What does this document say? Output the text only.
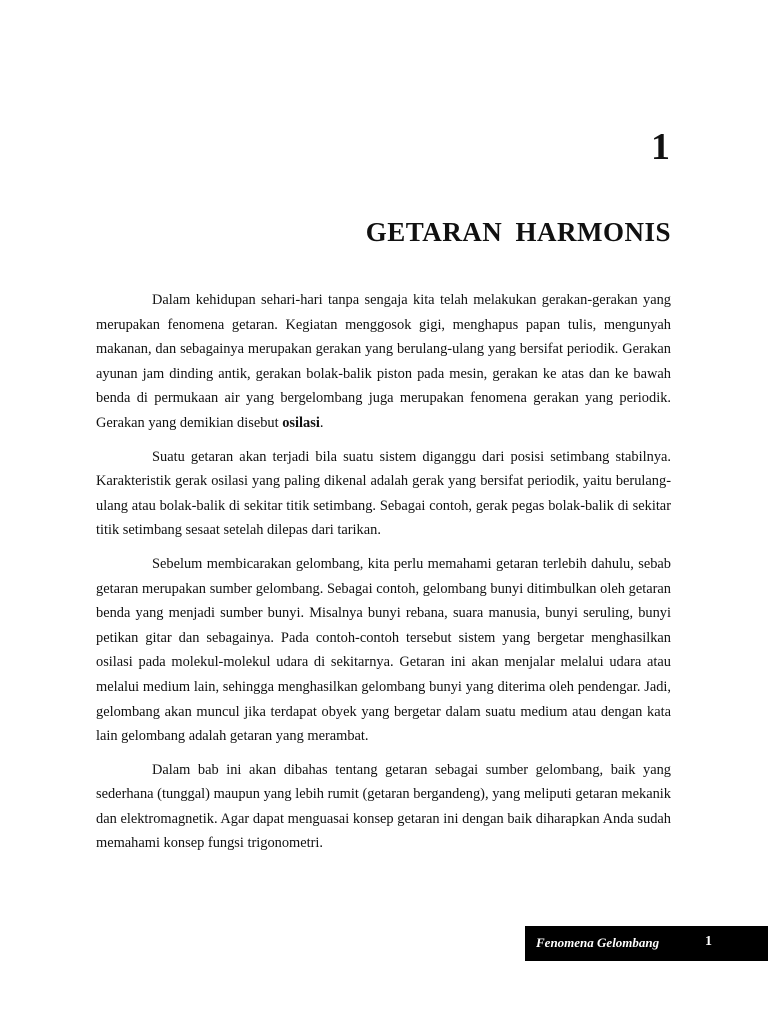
1
GETARAN HARMONIS

Dalam kehidupan sehari-hari tanpa sengaja kita telah melakukan gerakan-gerakan yang merupakan fenomena getaran. Kegiatan menggosok gigi, menghapus papan tulis, mengunyah makanan, dan sebagainya merupakan gerakan yang berulang-ulang yang bersifat periodik. Gerakan ayunan jam dinding antik, gerakan bolak-balik piston pada mesin, gerakan ke atas dan ke bawah benda di permukaan air yang bergelombang juga merupakan fenomena gerakan yang periodik. Gerakan yang demikian disebut osilasi.

Suatu getaran akan terjadi bila suatu sistem diganggu dari posisi setimbang stabilnya. Karakteristik gerak osilasi yang paling dikenal adalah gerak yang bersifat periodik, yaitu berulang-ulang atau bolak-balik di sekitar titik setimbang. Sebagai contoh, gerak pegas bolak-balik di sekitar titik setimbang sesaat setelah dilepas dari tarikan.

Sebelum membicarakan gelombang, kita perlu memahami getaran terlebih dahulu, sebab getaran merupakan sumber gelombang. Sebagai contoh, gelombang bunyi ditimbulkan oleh getaran benda yang menjadi sumber bunyi. Misalnya bunyi rebana, suara manusia, bunyi seruling, bunyi petikan gitar dan sebagainya. Pada contoh-contoh tersebut sistem yang bergetar menghasilkan osilasi pada molekul-molekul udara di sekitarnya. Getaran ini akan menjalar melalui udara atau melalui medium lain, sehingga menghasilkan gelombang bunyi yang diterima oleh pendengar. Jadi, gelombang akan muncul jika terdapat obyek yang bergetar dalam suatu medium atau dengan kata lain gelombang adalah getaran yang merambat.

Dalam bab ini akan dibahas tentang getaran sebagai sumber gelombang, baik yang sederhana (tunggal) maupun yang lebih rumit (getaran bergandeng), yang meliputi getaran mekanik dan elektromagnetik. Agar dapat menguasai konsep getaran ini dengan baik diharapkan Anda sudah memahami konsep fungsi trigonometri.

Fenomena Gelombang	1
